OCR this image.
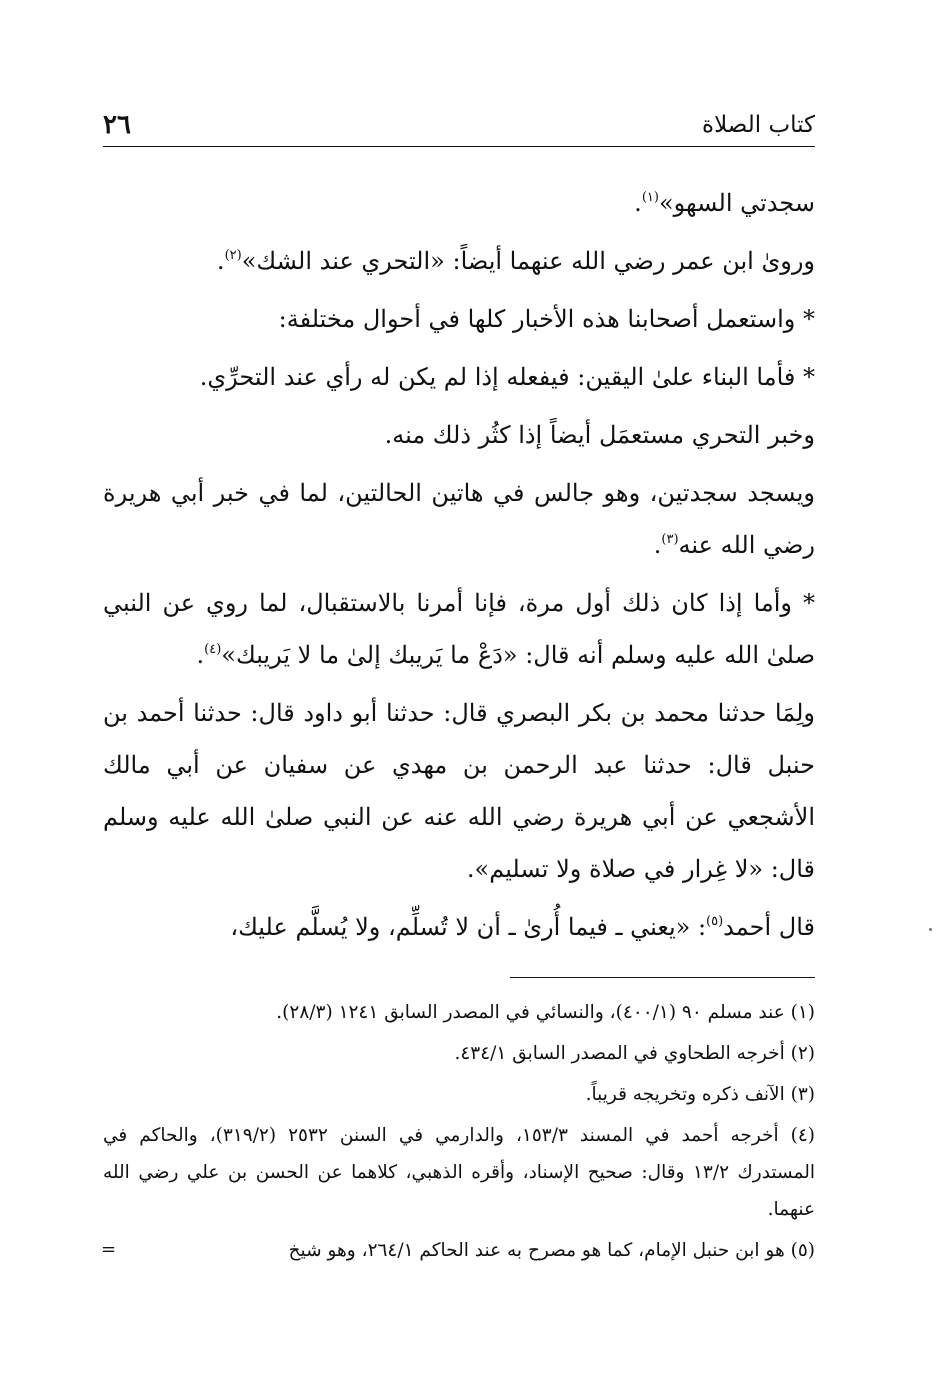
٢٦	كتاب الصلاة

سجدتي السهو»$^{(١)}$.

وروىٰ ابن عمر رضي الله عنهما أيضاً: «التحري عند الشك»$^{(٢)}$.

* واستعمل أصحابنا هذه الأخبار كلها في أحوال مختلفة:

* فأما البناء علىٰ اليقين: فيفعله إذا لم يكن له رأي عند التحرِّي.

وخبر التحري مستعمَل أيضاً إذا كثُر ذلك منه.

ويسجد سجدتين، وهو جالس في هاتين الحالتين، لما في خبر أبي هريرة رضي الله عنه$^{(٣)}$.

* وأما إذا كان ذلك أول مرة، فإنا أمرنا بالاستقبال، لما روي عن النبي صلىٰ الله عليه وسلم أنه قال: «دَعْ ما يَريبك إلىٰ ما لا يَريبك»$^{(٤)}$.

ولِمَا حدثنا محمد بن بكر البصري قال: حدثنا أبو داود قال: حدثنا أحمد بن حنبل قال: حدثنا عبد الرحمن بن مهدي عن سفيان عن أبي مالك الأشجعي عن أبي هريرة رضي الله عنه عن النبي صلىٰ الله عليه وسلم قال: «لا غِرار في صلاة ولا تسليم».

قال أحمد$^{(٥)}$: «يعني ـ فيما أُرىٰ ـ أن لا تُسلِّم، ولا يُسلَّم عليك،

(١) عند مسلم ٩٠ (٤٠٠/١)، والنسائي في المصدر السابق ١٢٤١ (٢٨/٣).

(٢) أخرجه الطحاوي في المصدر السابق ٤٣٤/١.

(٣) الآنف ذكره وتخريجه قريباً.

(٤) أخرجه أحمد في المسند ١٥٣/٣، والدارمي في السنن ٢٥٣٢ (٣١٩/٢)، والحاكم في المستدرك ١٣/٢ وقال: صحيح الإسناد، وأقره الذهبي، كلاهما عن الحسن بن علي رضي الله عنهما.

(٥) هو ابن حنبل الإمام، كما هو مصرح به عند الحاكم ٢٦٤/١، وهو شيخ

=
